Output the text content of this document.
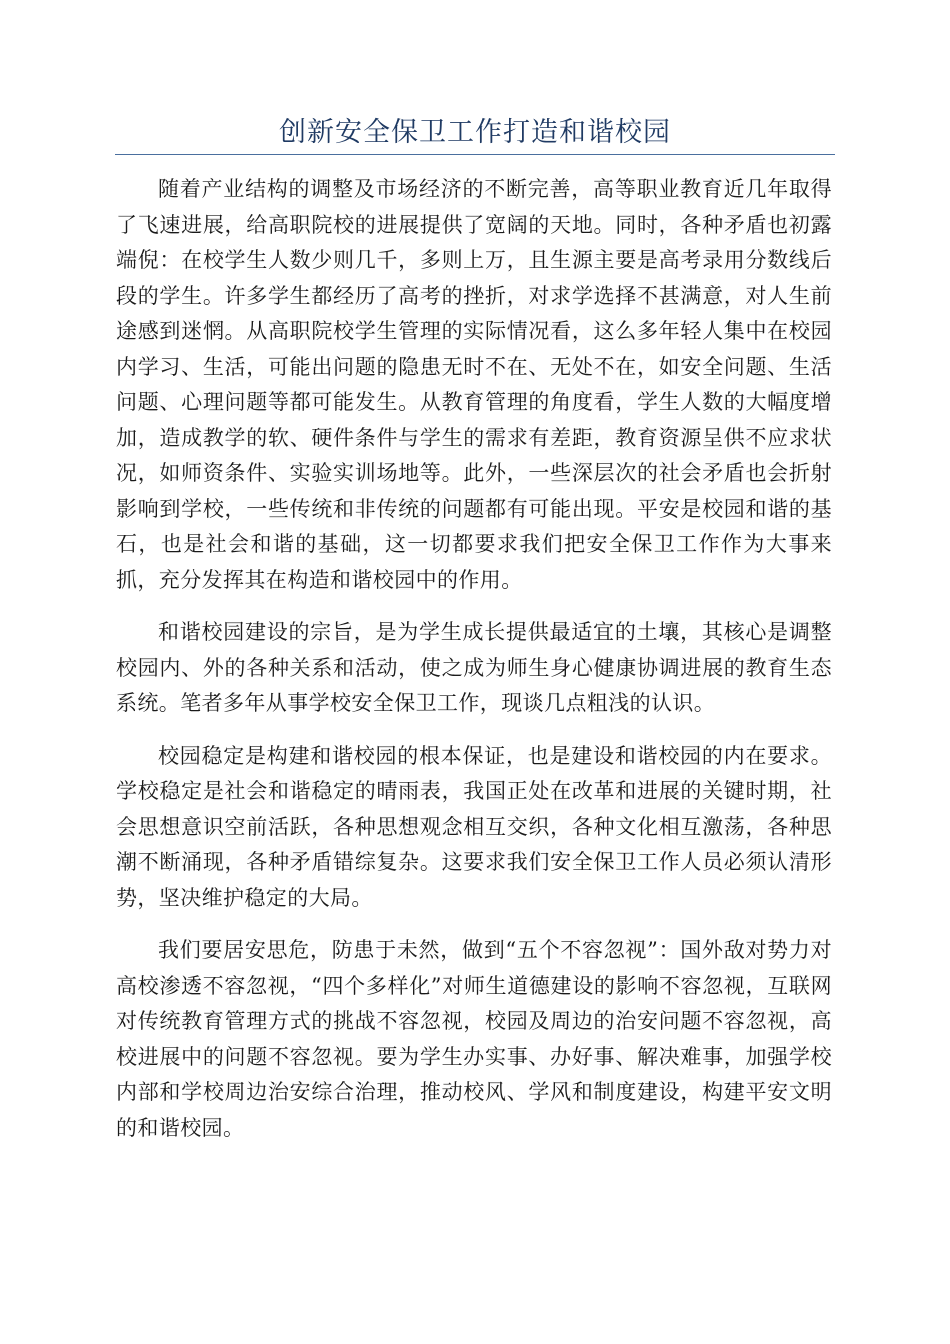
创新安全保卫工作打造和谐校园

随着产业结构的调整及市场经济的不断完善，高等职业教育近几年取得了飞速进展，给高职院校的进展提供了宽阔的天地。同时，各种矛盾也初露端倪：在校学生人数少则几千，多则上万，且生源主要是高考录用分数线后段的学生。许多学生都经历了高考的挫折，对求学选择不甚满意，对人生前途感到迷惘。从高职院校学生管理的实际情况看，这么多年轻人集中在校园内学习、生活，可能出问题的隐患无时不在、无处不在，如安全问题、生活问题、心理问题等都可能发生。从教育管理的角度看，学生人数的大幅度增加，造成教学的软、硬件条件与学生的需求有差距，教育资源呈供不应求状况，如师资条件、实验实训场地等。此外，一些深层次的社会矛盾也会折射影响到学校，一些传统和非传统的问题都有可能出现。平安是校园和谐的基石，也是社会和谐的基础，这一切都要求我们把安全保卫工作作为大事来抓，充分发挥其在构造和谐校园中的作用。

和谐校园建设的宗旨，是为学生成长提供最适宜的土壤，其核心是调整校园内、外的各种关系和活动，使之成为师生身心健康协调进展的教育生态系统。笔者多年从事学校安全保卫工作，现谈几点粗浅的认识。

校园稳定是构建和谐校园的根本保证，也是建设和谐校园的内在要求。学校稳定是社会和谐稳定的晴雨表，我国正处在改革和进展的关键时期，社会思想意识空前活跃，各种思想观念相互交织，各种文化相互激荡，各种思潮不断涌现，各种矛盾错综复杂。这要求我们安全保卫工作人员必须认清形势，坚决维护稳定的大局。

我们要居安思危，防患于未然，做到“五个不容忽视”：国外敌对势力对高校渗透不容忽视，“四个多样化”对师生道德建设的影响不容忽视，互联网对传统教育管理方式的挑战不容忽视，校园及周边的治安问题不容忽视，高校进展中的问题不容忽视。要为学生办实事、办好事、解决难事，加强学校内部和学校周边治安综合治理，推动校风、学风和制度建设，构建平安文明的和谐校园。
